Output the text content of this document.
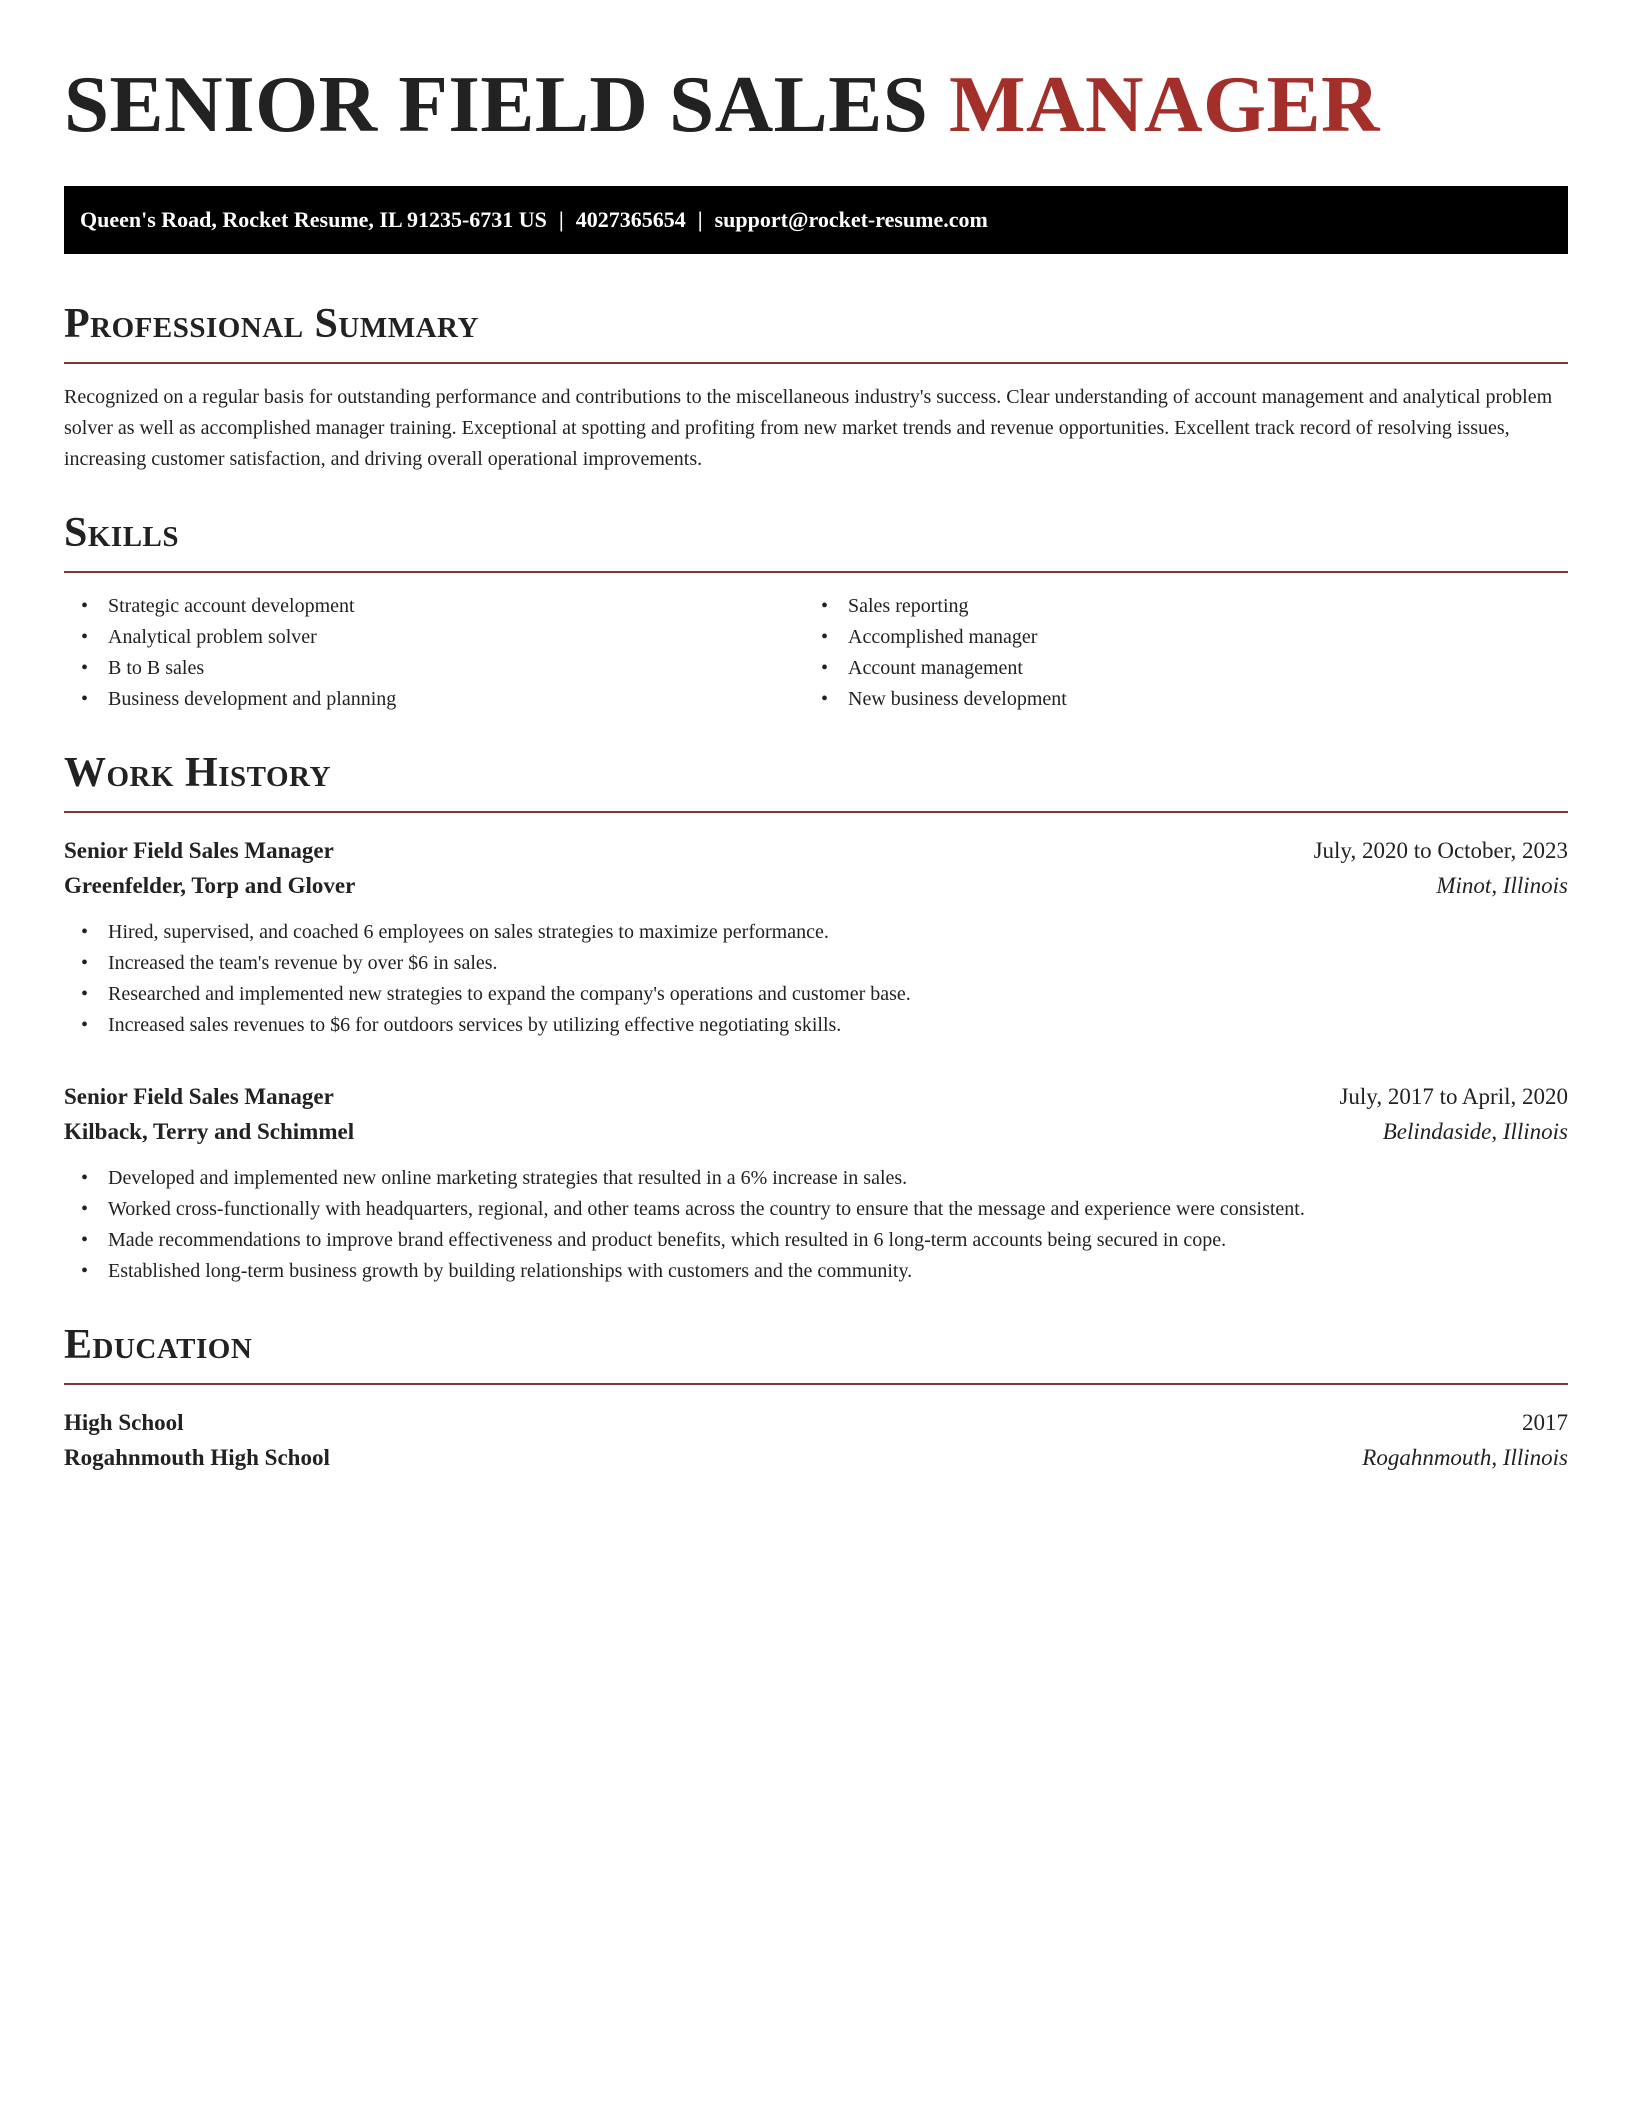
SENIOR FIELD SALES MANAGER
Queen's Road, Rocket Resume, IL 91235-6731 US | 4027365654 | support@rocket-resume.com
Professional Summary

Recognized on a regular basis for outstanding performance and contributions to the miscellaneous industry's success. Clear understanding of account management and analytical problem solver as well as accomplished manager training. Exceptional at spotting and profiting from new market trends and revenue opportunities. Excellent track record of resolving issues, increasing customer satisfaction, and driving overall operational improvements.

Skills
• Strategic account development
• Analytical problem solver
• B to B sales
• Business development and planning
• Sales reporting
• Accomplished manager
• Account management
• New business development
Work History
Senior Field Sales Manager	July, 2020 to October, 2023
Greenfelder, Torp and Glover	Minot, Illinois
• Hired, supervised, and coached 6 employees on sales strategies to maximize performance.
• Increased the team's revenue by over $6 in sales.
• Researched and implemented new strategies to expand the company's operations and customer base.
• Increased sales revenues to $6 for outdoors services by utilizing effective negotiating skills.
Senior Field Sales Manager	July, 2017 to April, 2020
Kilback, Terry and Schimmel	Belindaside, Illinois
• Developed and implemented new online marketing strategies that resulted in a 6% increase in sales.
• Worked cross-functionally with headquarters, regional, and other teams across the country to ensure that the message and experience were consistent.
• Made recommendations to improve brand effectiveness and product benefits, which resulted in 6 long-term accounts being secured in cope.
• Established long-term business growth by building relationships with customers and the community.
Education
High School	2017
Rogahnmouth High School	Rogahnmouth, Illinois
